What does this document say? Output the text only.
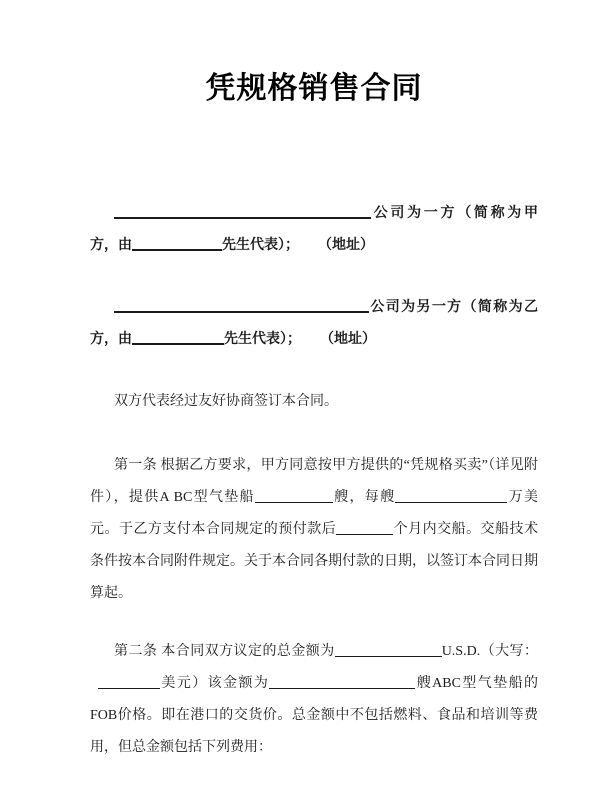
凭规格销售合同

公司为一方（简称为甲方，由	先生代表）； （地址）

公司为另一方（简称为乙方，由	先生代表）； （地址）

双方代表经过友好协商签订本合同。

第一条 根据乙方要求，甲方同意按甲方提供的“凭规格买卖”（详见附件），提供A BC型气垫船	艘，每艘	万美元。于乙方支付本合同规定的预付款后	个月内交船。交船技术条件按本合同附件规定。关于本合同各期付款的日期，以签订本合同日期算起。

第二条 本合同双方议定的总金额为	U.S.D.（大写：美元）该金额为	艘ABC型气垫船的FOB价格。即在港口的交货价。总金额中不包括燃料、食品和培训等费用，但总金额包括下列费用：
